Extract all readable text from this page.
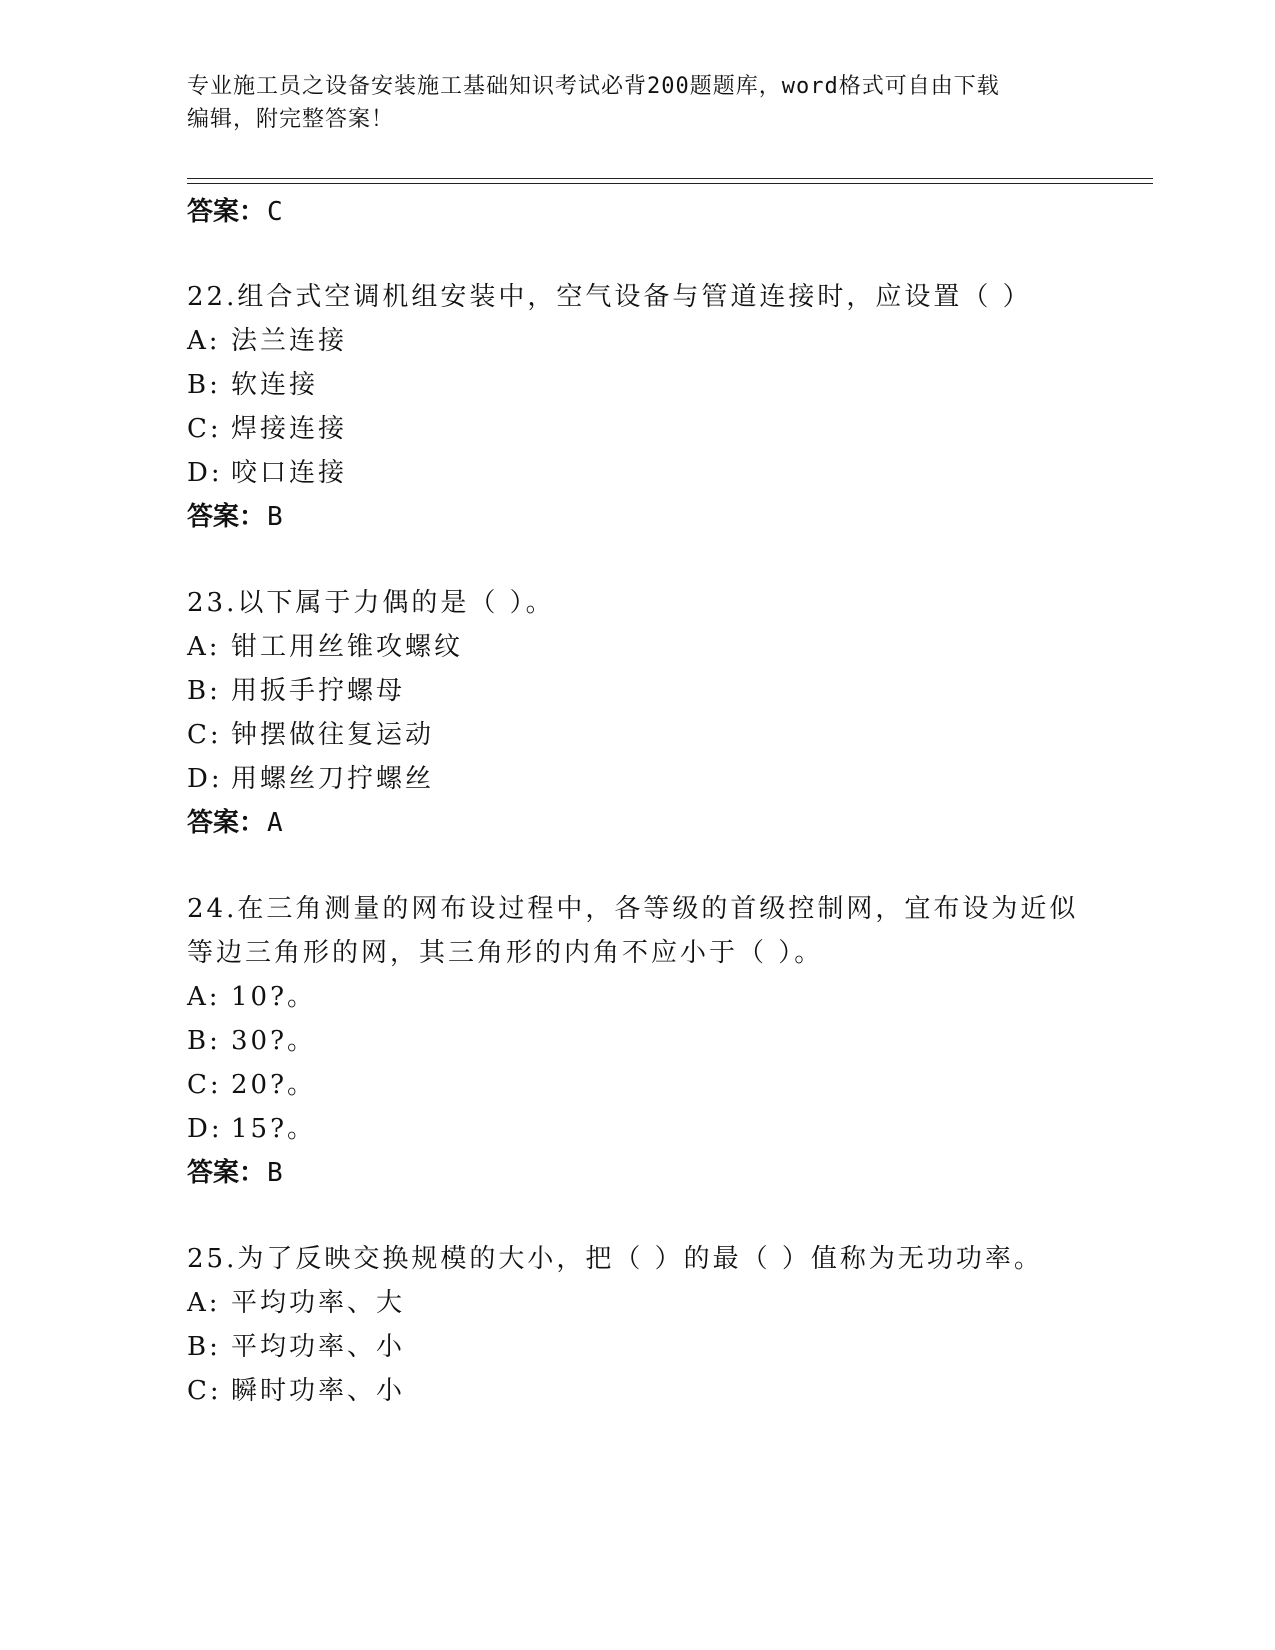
专业施工员之设备安装施工基础知识考试必背200题题库，word格式可自由下载
编辑，附完整答案！
答案：C
22.组合式空调机组安装中，空气设备与管道连接时，应设置（ ）
A: 法兰连接
B: 软连接
C: 焊接连接
D: 咬口连接
答案：B
23.以下属于力偶的是（ ）。
A: 钳工用丝锥攻螺纹
B: 用扳手拧螺母
C: 钟摆做往复运动
D: 用螺丝刀拧螺丝
答案：A
24.在三角测量的网布设过程中，各等级的首级控制网，宜布设为近似
等边三角形的网，其三角形的内角不应小于（ ）。
A: 10?。
B: 30?。
C: 20?。
D: 15?。
答案：B
25.为了反映交换规模的大小，把（ ）的最（ ）值称为无功功率。
A: 平均功率、大
B: 平均功率、小
C: 瞬时功率、小
